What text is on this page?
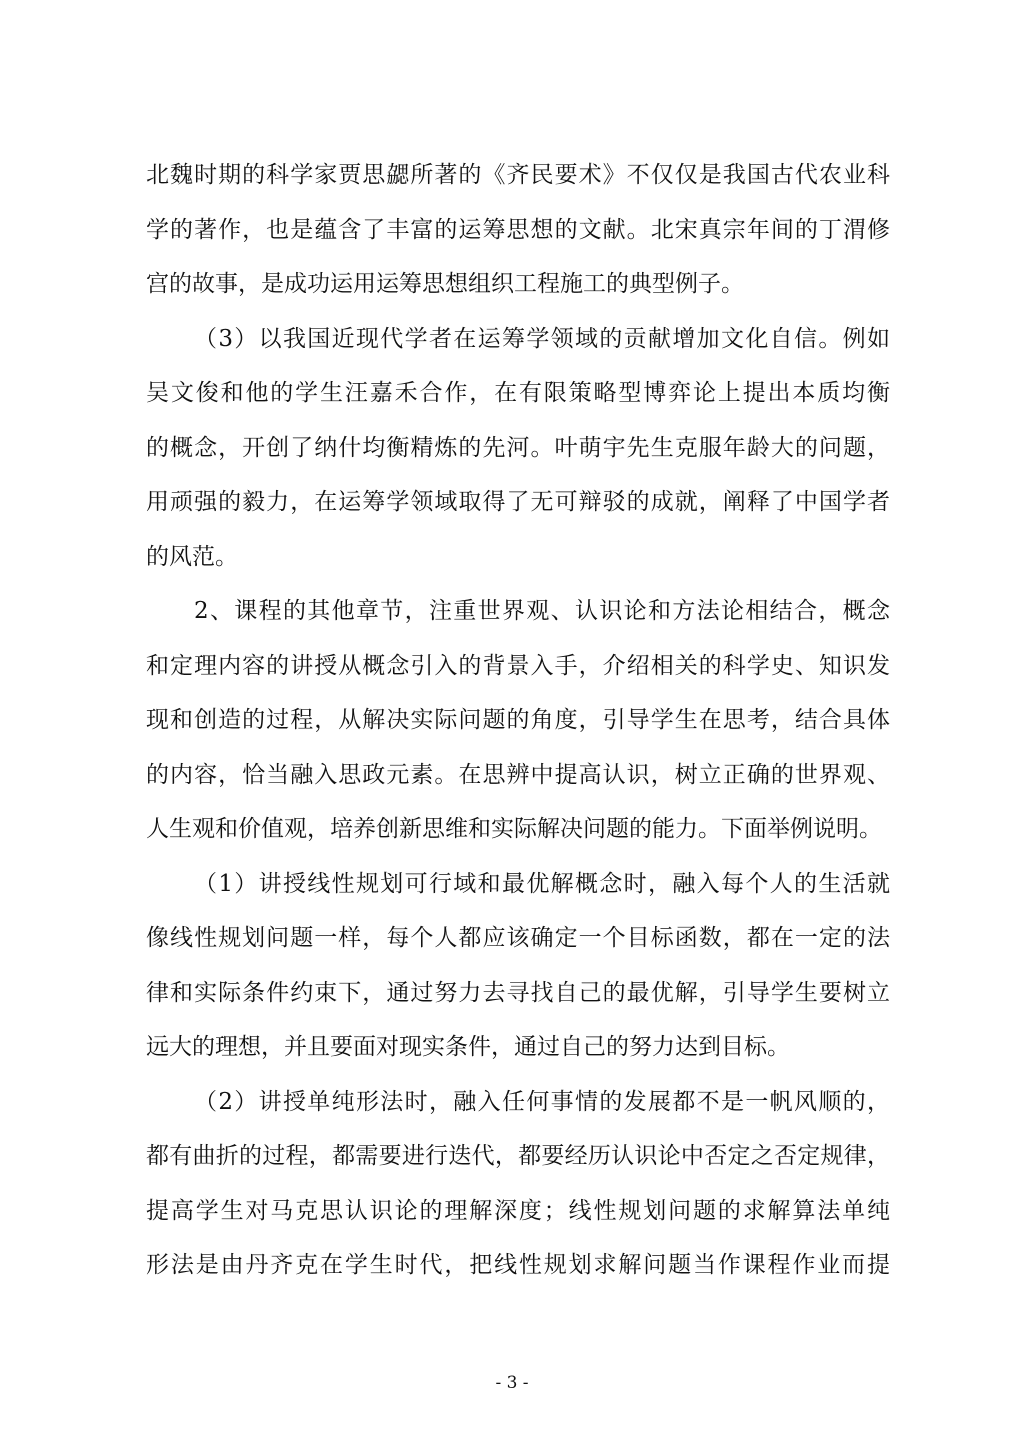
北魏时期的科学家贾思勰所著的《齐民要术》不仅仅是我国古代农业科
学的著作，也是蕴含了丰富的运筹思想的文献。北宋真宗年间的丁渭修
宫的故事，是成功运用运筹思想组织工程施工的典型例子。
（3）以我国近现代学者在运筹学领域的贡献增加文化自信。例如
吴文俊和他的学生汪嘉禾合作，在有限策略型博弈论上提出本质均衡
的概念，开创了纳什均衡精炼的先河。叶萌宇先生克服年龄大的问题，
用顽强的毅力，在运筹学领域取得了无可辩驳的成就，阐释了中国学者
的风范。
2、课程的其他章节，注重世界观、认识论和方法论相结合，概念
和定理内容的讲授从概念引入的背景入手，介绍相关的科学史、知识发
现和创造的过程，从解决实际问题的角度，引导学生在思考，结合具体
的内容，恰当融入思政元素。在思辨中提高认识，树立正确的世界观、
人生观和价值观，培养创新思维和实际解决问题的能力。下面举例说明。
（1）讲授线性规划可行域和最优解概念时，融入每个人的生活就
像线性规划问题一样，每个人都应该确定一个目标函数，都在一定的法
律和实际条件约束下，通过努力去寻找自己的最优解，引导学生要树立
远大的理想，并且要面对现实条件，通过自己的努力达到目标。
（2）讲授单纯形法时，融入任何事情的发展都不是一帆风顺的，
都有曲折的过程，都需要进行迭代，都要经历认识论中否定之否定规律，
提高学生对马克思认识论的理解深度；线性规划问题的求解算法单纯
形法是由丹齐克在学生时代，把线性规划求解问题当作课程作业而提
- 3 -
